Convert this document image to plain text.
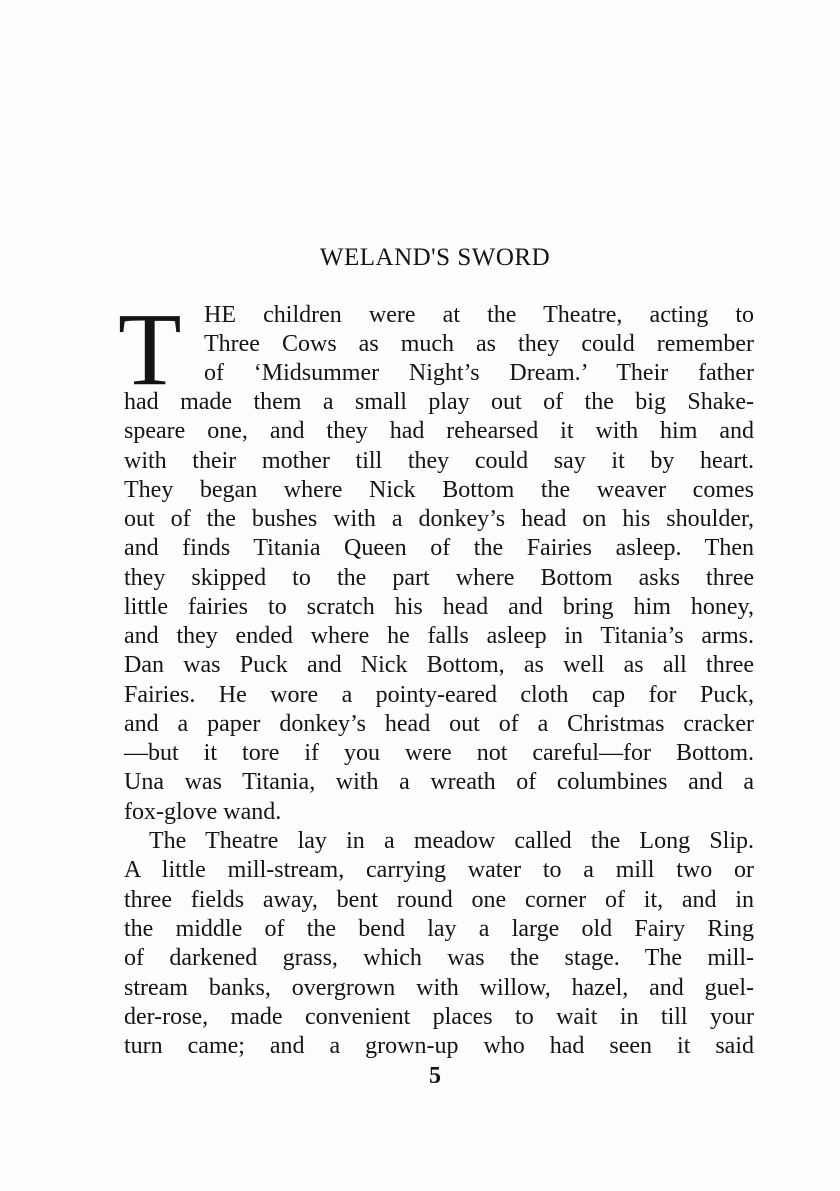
WELAND'S SWORD
T HE children were at the Theatre, acting to
Three Cows as much as they could remember
of ‘Midsummer Night’s Dream.’ Their father
had made them a small play out of the big Shake-
speare one, and they had rehearsed it with him and
with their mother till they could say it by heart.
They began where Nick Bottom the weaver comes
out of the bushes with a donkey’s head on his shoulder,
and finds Titania Queen of the Fairies asleep. Then
they skipped to the part where Bottom asks three
little fairies to scratch his head and bring him honey,
and they ended where he falls asleep in Titania’s arms.
Dan was Puck and Nick Bottom, as well as all three
Fairies. He wore a pointy-eared cloth cap for Puck,
and a paper donkey’s head out of a Christmas cracker
—but it tore if you were not careful—for Bottom.
Una was Titania, with a wreath of columbines and a
fox-glove wand.
The Theatre lay in a meadow called the Long Slip.
A little mill-stream, carrying water to a mill two or
three fields away, bent round one corner of it, and in
the middle of the bend lay a large old Fairy Ring
of darkened grass, which was the stage. The mill-
stream banks, overgrown with willow, hazel, and guel-
der-rose, made convenient places to wait in till your
turn came; and a grown-up who had seen it said
5
